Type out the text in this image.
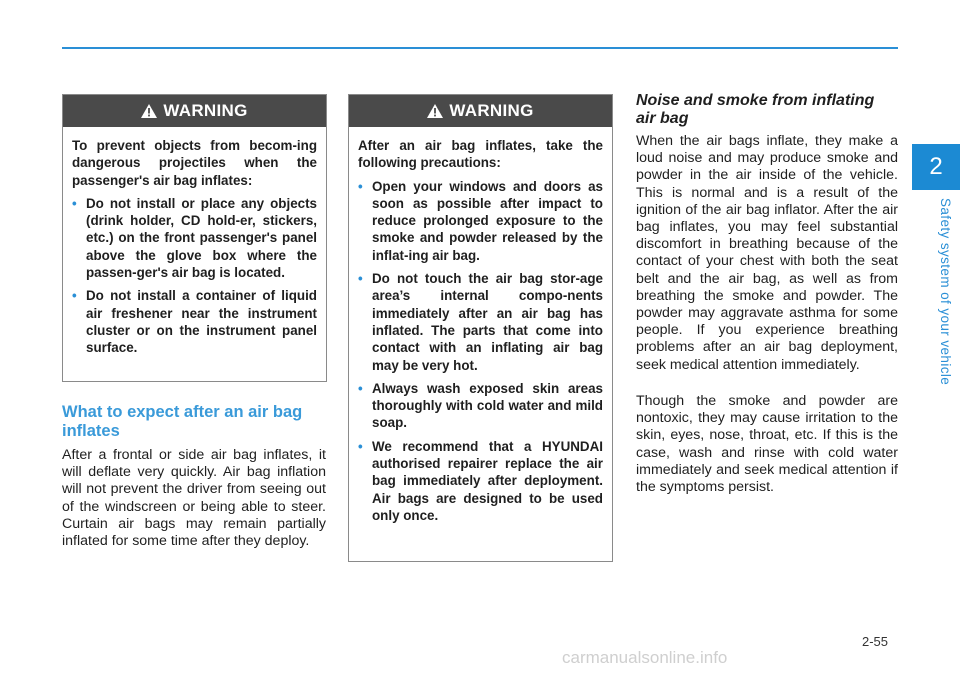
2
Safety system of your vehicle
WARNING

To prevent objects from becom-ing dangerous projectiles when the passenger's air bag inflates:

• Do not install or place any objects (drink holder, CD hold-er, stickers, etc.) on the front passenger's panel above the glove box where the passen-ger's air bag is located.
• Do not install a container of liquid air freshener near the instrument cluster or on the instrument panel surface.
WARNING

After an air bag inflates, take the following precautions:

• Open your windows and doors as soon as possible after impact to reduce prolonged exposure to the smoke and powder released by the inflat-ing air bag.
• Do not touch the air bag stor-age area’s internal compo-nents immediately after an air bag has inflated. The parts that come into contact with an inflating air bag may be very hot.
• Always wash exposed skin areas thoroughly with cold water and mild soap.
• We recommend that a HYUNDAI authorised repairer replace the air bag immediately after deployment. Air bags are designed to be used only once.
What to expect after an air bag inflates

After a frontal or side air bag inflates, it will deflate very quickly. Air bag inflation will not prevent the driver from seeing out of the windscreen or being able to steer. Curtain air bags may remain partially inflated for some time after they deploy.

Noise and smoke from inflating air bag

When the air bags inflate, they make a loud noise and may produce smoke and powder in the air inside of the vehicle. This is normal and is a result of the ignition of the air bag inflator. After the air bag inflates, you may feel substantial discomfort in breathing because of the contact of your chest with both the seat belt and the air bag, as well as from breathing the smoke and powder. The powder may aggravate asthma for some people. If you experience breathing problems after an air bag deployment, seek medical attention immediately.

Though the smoke and powder are nontoxic, they may cause irritation to the skin, eyes, nose, throat, etc. If this is the case, wash and rinse with cold water immediately and seek medical attention if the symptoms persist.

2-55
carmanualsonline.info
